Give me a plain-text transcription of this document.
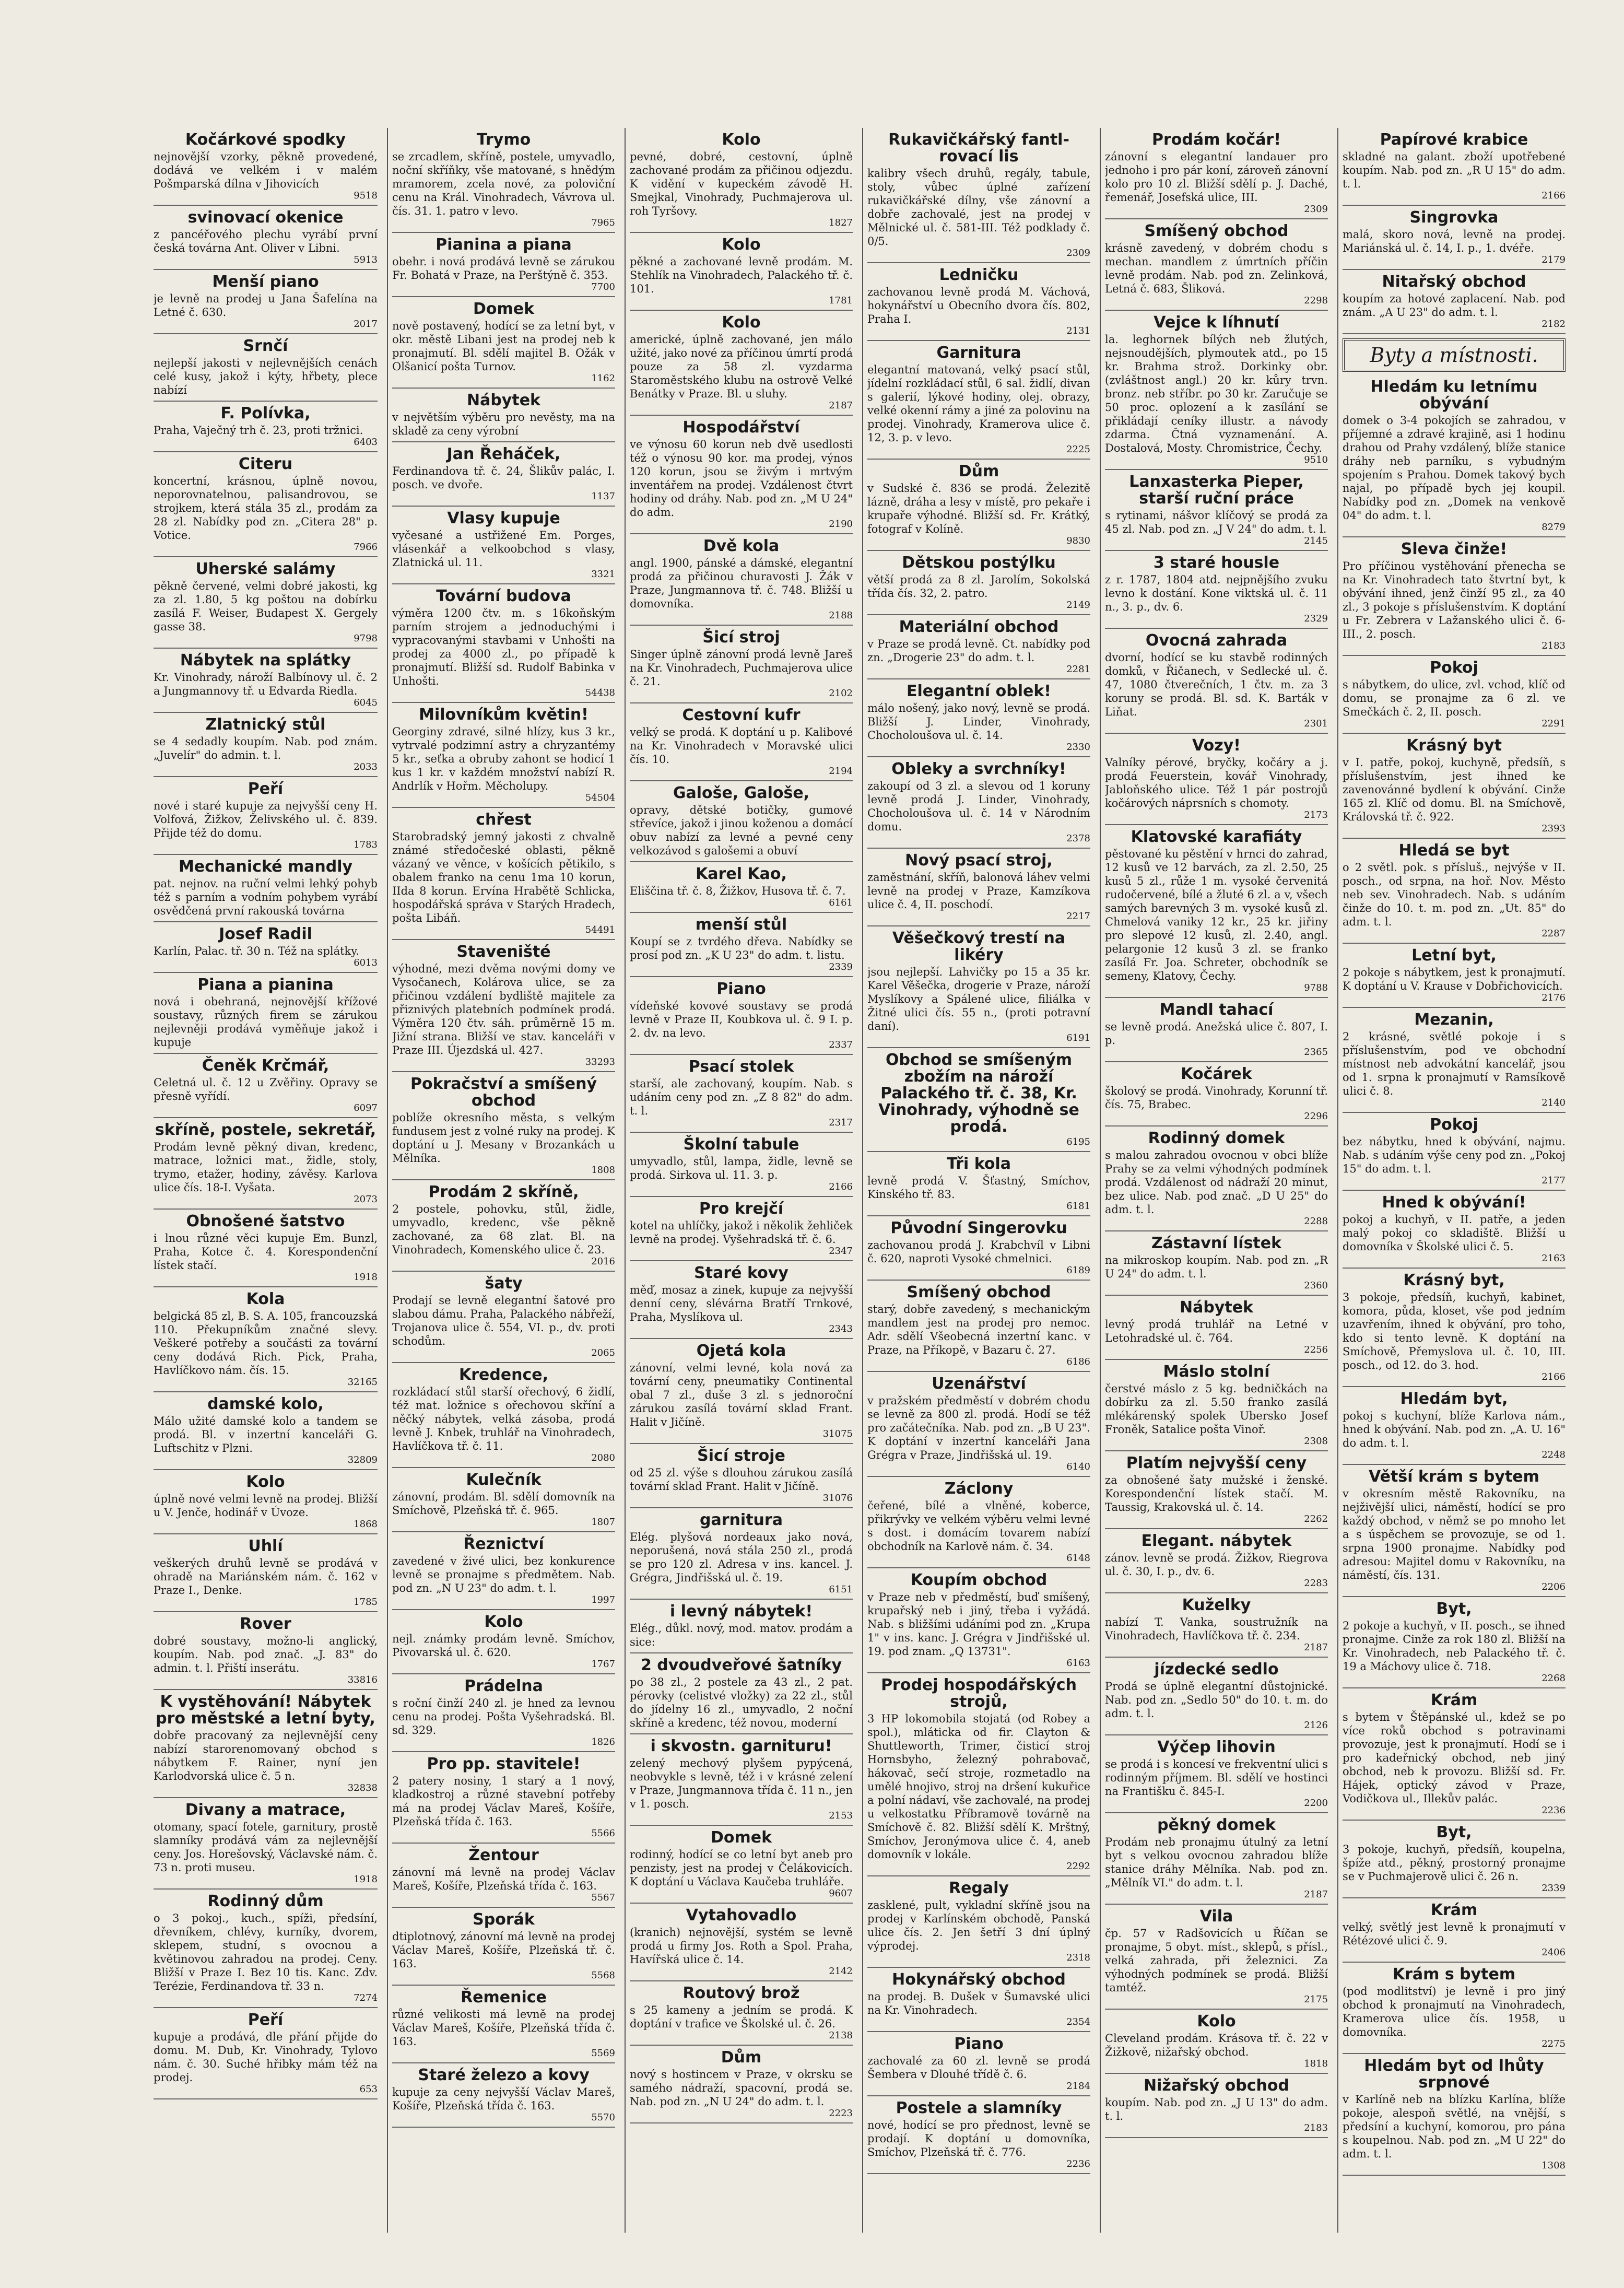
Kočárkové spodky

nejnovější vzorky, pěkně provedené, dodává ve velkém i v malém Pošmparská dílna v Jihovicích

9518

svinovací okenice

z pancéřového plechu vyrábí první česká továrna Ant. Oliver v Libni.

5913

Menší piano

je levně na prodej u Jana Šafelína na Letné č. 630.

2017

Srnčí

nejlepší jakosti v nejlevnějších cenách celé kusy, jakož i kýty, hřbety, plece nabízí

F. Polívka,

Praha, Vaječný trh č. 23, proti tržnici.

6403

Citeru

koncertní, krásnou, úplně novou, neporovnatelnou, palisandrovou, se strojkem, která stála 35 zl., prodám za 28 zl. Nabídky pod zn. „Citera 28" p. Votice.

7966

Uherské salámy

pěkně červené, velmi dobré jakosti, kg za zl. 1.80, 5 kg poštou na dobírku zasílá F. Weiser, Budapest X. Gergely gasse 38.

9798

Nábytek na splátky

Kr. Vinohrady, nároží Balbínovy ul. č. 2 a Jungmannovy tř. u Edvarda Riedla.

6045

Zlatnický stůl

se 4 sedadly koupím. Nab. pod znám. „Juvelír" do admin. t. l.

2033

Peří

nové i staré kupuje za nejvyšší ceny H. Volfová, Žižkov, Želivského ul. č. 839. Přijde též do domu.

1783

Mechanické mandly

pat. nejnov. na ruční velmi lehký pohyb též s parním a vodním pohybem vyrábí osvědčená první rakouská továrna

Josef Radil

Karlín, Palac. tř. 30 n. Též na splátky.

6013

Piana a pianina

nová i obehraná, nejnovější křížové soustavy, různých firem se zárukou nejlevněji prodává vyměňuje jakož i kupuje

Čeněk Krčmář,

Celetná ul. č. 12 u Zvěřiny. Opravy se přesně vyřídí.

6097

skříně, postele, sekretář,

Prodám levně pěkný divan, kredenc, matrace, ložnici mat., židle, stoly, trymo, etažer, hodiny, závěsy. Karlova ulice čís. 18-I. Vyšata.

2073

Obnošené šatstvo

i lnou různé věci kupuje Em. Bunzl, Praha, Kotce č. 4. Korespondenční lístek stačí.

1918

Kola

belgická 85 zl, B. S. A. 105, francouzská 110. Překupníkům značné slevy. Veškeré potřeby a součásti za tovární ceny dodává Rich. Pick, Praha, Havlíčkovo nám. čís. 15.

32165

damské kolo,

Málo užité damské kolo a tandem se prodá. Bl. v inzertní kanceláři G. Luftschitz v Plzni.

32809

Kolo

úplně nové velmi levně na prodej. Bližší u V. Jenče, hodinář v Úvoze.

1868

Uhlí

veškerých druhů levně se prodává v ohradě na Mariánském nám. č. 162 v Praze I., Denke.

1785

Rover

dobré soustavy, možno-li anglický, koupím. Nab. pod znač. „J. 83" do admin. t. l. Přiští inserátu.

33816

K vystěhování! Nábytek pro městské a letní byty,

dobře pracovaný za nejlevnější ceny nabízí starorenomovaný obchod s nábytkem F. Rainer, nyní jen Karlodvorská ulice č. 5 n.

32838

Divany a matrace,

otomany, spací fotele, garnitury, prostě slamníky prodává vám za nejlevnější ceny. Jos. Horešovský, Václavské nám. č. 73 n. proti museu.

1918

Rodinný dům

o 3 pokoj., kuch., spíži, předsíní, dřevníkem, chlévy, kurníky, dvorem, sklepem, studní, s ovocnou a květinovou zahradou na prodej. Ceny. Bližší v Praze I. Bez 10 tis. Kanc. Zdv. Terézie, Ferdinandova tř. 33 n.

7274

Peří

kupuje a prodává, dle přání přijde do domu. M. Dub, Kr. Vinohrady, Tylovo nám. č. 30. Suché hřibky mám též na prodej.

653

Trymo

se zrcadlem, skříně, postele, umyvadlo, noční skříňky, vše matované, s hnědým mramorem, zcela nové, za poloviční cenu na Král. Vinohradech, Vávrova ul. čís. 31. 1. patro v levo.

7965

Pianina a piana

obehr. i nová prodává levně se zárukou Fr. Bohatá v Praze, na Perštýně č. 353.

7700

Domek

nově postavený, hodící se za letní byt, v okr. městě Libani jest na prodej neb k pronajmutí. Bl. sdělí majitel B. Ožák v Olšanicí pošta Turnov.

1162

Nábytek

v největším výběru pro nevěsty, ma na skladě za ceny výrobní

Jan Řeháček,

Ferdinandova tř. č. 24, Šlikův palác, I. posch. ve dvoře.

1137

Vlasy kupuje

vyčesané a ustřižené Em. Porges, vlásenkář a velkoobchod s vlasy, Zlatnická ul. 11.

3321

Tovární budova

výměra 1200 čtv. m. s 16koňským parním strojem a jednoduchými i vypracovanými stavbami v Unhošti na prodej za 4000 zl., po případě k pronajmutí. Bližší sd. Rudolf Babinka v Unhošti.

54438

Milovníkům květin!

Georginy zdravé, silné hlízy, kus 3 kr., vytrvalé podzimní astry a chryzantémy 5 kr., seťka a obruby zahont se hodicí 1 kus 1 kr. v každém množství nabízí R. Andrlík v Hořm. Měcholupy.

54504

chřest

Starobradský jemný jakosti z chvalně známé středočeské oblasti, pěkně vázaný ve věnce, v košících pětikilo, s obalem franko na cenu 1ma 10 korun, IIda 8 korun. Ervína Hrabětě Schlicka, hospodářská správa v Starých Hradech, pošta Libáň.

54491

Staveništé

výhodné, mezi dvěma novými domy ve Vysočanech, Kolárova ulice, se za přičinou vzdálení bydliště majitele za přiznivých platebních podmínek prodá. Výměra 120 čtv. sáh. průměrně 15 m. Jižní strana. Bližší ve stav. kanceláři v Praze III. Újezdská ul. 427.

33293

Pokračství a smíšený obchod

poblíže okresního města, s velkým fundusem jest z volné ruky na prodej. K doptání u J. Mesany v Brozankách u Mělníka.

1808

Prodám 2 skříně,

2 postele, pohovku, stůl, židle, umyvadlo, kredenc, vše pěkně zachované, za 68 zlat. Bl. na Vinohradech, Komenského ulice č. 23.

2016

šaty

Prodají se levně elegantní šatové pro slabou dámu. Praha, Palackého nábřeží, Trojanova ulice č. 554, VI. p., dv. proti schodům.

2065

Kredence,

rozkládací stůl starší ořechový, 6 židlí, též mat. ložnice s ořechovou skříní a něčký nábytek, velká zásoba, prodá levně J. Knbek, truhlář na Vinohradech, Havlíčkova tř. č. 11.

2080

Kulečník

zánovní, prodám. Bl. sdělí domovník na Smíchově, Plzeňská tř. č. 965.

1807

Řeznictví

zavedené v živé ulici, bez konkurence levně se pronajme s předmětem. Nab. pod zn. „N U 23" do adm. t. l.

1997

Kolo

nejl. známky prodám levně. Smíchov, Pivovarská ul. č. 620.

1767

Prádelna

s roční činží 240 zl. je hned za levnou cenu na prodej. Pošta Vyšehradská. Bl. sd. 329.

1826

Pro pp. stavitele!

2 patery nosiny, 1 starý a 1 nový, kladkostroj a různé stavební potřeby má na prodej Václav Mareš, Košíře, Plzeňská třída č. 163.

5566

Žentour

zánovní má levně na prodej Václav Mareš, Košíře, Plzeňská třída č. 163.

5567

Sporák

dtiplotnový, zánovní má levně na prodej Václav Mareš, Košíře, Plzeňská tř. č. 163.

5568

Řemenice

různé velikosti má levně na prodej Václav Mareš, Košíře, Plzeňská třída č. 163.

5569

Staré železo a kovy

kupuje za ceny nejvyšší Václav Mareš, Košíře, Plzeňská třída č. 163.

5570

Kolo

pevné, dobré, cestovní, úplně zachované prodám za přičinou odjezdu. K vidění v kupeckém závodě H. Smejkal, Vinohrady, Puchmajerova ul. roh Tyršovy.

1827

Kolo

pěkné a zachované levně prodám. M. Stehlík na Vinohradech, Palackého tř. č. 101.

1781

Kolo

americké, úplně zachované, jen málo užité, jako nové za příčinou úmrtí prodá pouze za 58 zl. vyzdarma Staroměstského klubu na ostrově Velké Benátky v Praze. Bl. u sluhy.

2187

Hospodářství

ve výnosu 60 korun neb dvě usedlosti též o výnosu 90 kor. ma prodej, výnos 120 korun, jsou se živým i mrtvým inventářem na prodej. Vzdálenost čtvrt hodiny od dráhy. Nab. pod zn. „M U 24" do adm.

2190

Dvě kola

angl. 1900, pánské a dámské, elegantní prodá za přičinou churavosti J. Žák v Praze, Jungmannova tř. č. 748. Bližší u domovníka.

2188

Šicí stroj

Singer úplně zánovní prodá levně Jareš na Kr. Vinohradech, Puchmajerova ulice č. 21.

2102

Cestovní kufr

velký se prodá. K doptání u p. Kalibové na Kr. Vinohradech v Moravské ulici čís. 10.

2194

Galoše, Galoše,

opravy, dětské botičky, gumové střevíce, jakož i jinou koženou a domácí obuv nabízí za levné a pevné ceny velkozávod s galošemi a obuví

Karel Kao,

Eliščina tř. č. 8, Žižkov, Husova tř. č. 7.

6161

menší stůl

Koupí se z tvrdého dřeva. Nabídky se prosí pod zn. „K U 23" do adm. t. listu.

2339

Piano

vídeňské kovové soustavy se prodá levně v Praze II, Koubkova ul. č. 9 I. p. 2. dv. na levo.

2337

Psací stolek

starší, ale zachovaný, koupím. Nab. s udáním ceny pod zn. „Z 8 82" do adm. t. l.

2317

Školní tabule

umyvadlo, stůl, lampa, židle, levně se prodá. Sirkova ul. 11. 3. p.

2166

Pro krejčí

kotel na uhlíčky, jakož i několik žehliček levně na prodej. Vyšehradská tř. č. 6.

2347

Staré kovy

měď, mosaz a zinek, kupuje za nejvyšší denní ceny, slévárna Bratří Trnkové, Praha, Myslíkova ul.

2343

Ojetá kola

zánovní, velmi levné, kola nová za tovární ceny, pneumatiky Continental obal 7 zl., duše 3 zl. s jednoroční zárukou zasílá tovární sklad Frant. Halit v Jičíně.

31075

Šicí stroje

od 25 zl. výše s dlouhou zárukou zasílá tovární sklad Frant. Halit v Jičíně.

31076

garnitura

Elég. plyšová nordeaux jako nová, neporušená, nová stála 250 zl., prodá se pro 120 zl. Adresa v ins. kancel. J. Grégra, Jindřišská ul. č. 19.

6151

i levný nábytek!

Elég., důkl. nový, mod. matov. prodám a sice:

2 dvoudveřové šatníky

po 38 zl., 2 postele za 43 zl., 2 pat. pérovky (celistvé vložky) za 22 zl., stůl do jídelny 16 zl., umyvadlo, 2 noční skříně a kredenc, též novou, moderní

i skvostn. garnituru!

zelený mechový plyšem pypýcená, neobvykle s levně, též i v krásné zelení v Praze, Jungmannova třída č. 11 n., jen v 1. posch.

2153

Domek

rodinný, hodící se co letní byt aneb pro penzisty, jest na prodej v Čelákovicích. K doptání u Václava Kaučeba truhláře.

9607

Vytahovadlo

(kranich) nejnovější, systém se levně prodá u firmy Jos. Roth a Spol. Praha, Havířská ulice č. 14.

2142

Routový brož

s 25 kameny a jedním se prodá. K doptání v trafice ve Školské ul. č. 26.

2138

Dům

nový s hostincem v Praze, v okrsku se samého nádraží, spacovní, prodá se. Nab. pod zn. „N U 24" do adm. t. l.

2223

Rukavičkářský fantl-rovací lis

kalibry všech druhů, regály, tabule, stoly, vůbec úplné zařízení rukavičkářské dílny, vše zánovní a dobře zachovalé, jest na prodej v Mělnické ul. č. 581-III. Též podklady č. 0/5.

2309

Ledničku

zachovanou levně prodá M. Váchová, hokynářství u Obecního dvora čís. 802, Praha I.

2131

Garnitura

elegantní matovaná, velký psací stůl, jídelní rozkládací stůl, 6 sal. židlí, divan s galerií, lýkové hodiny, olej. obrazy, velké okenní rámy a jiné za polovinu na prodej. Vinohrady, Kramerova ulice č. 12, 3. p. v levo.

2225

Dům

v Sudské č. 836 se prodá. Železitě lázně, dráha a lesy v místě, pro pekaře i krupaře výhodné. Bližší sd. Fr. Krátký, fotograf v Kolíně.

9830

Dětskou postýlku

větší prodá za 8 zl. Jarolím, Sokolská třída čís. 32, 2. patro.

2149

Materiální obchod

v Praze se prodá levně. Ct. nabídky pod zn. „Drogerie 23" do adm. t. l.

2281

Elegantní oblek!

málo nošený, jako nový, levně se prodá. Bližší J. Linder, Vinohrady, Chocholoušova ul. č. 14.

2330

Obleky a svrchníky!

zakoupí od 3 zl. a slevou od 1 koruny levně prodá J. Linder, Vinohrady, Chocholoušova ul. č. 14 v Národním domu.

2378

Nový psací stroj,

zaměstnání, skříň, balonová láhev velmi levně na prodej v Praze, Kamzíkova ulice č. 4, II. poschodí.

2217

Věšečkový trestí na likéry

jsou nejlepší. Lahvičky po 15 a 35 kr. Karel Věšečka, drogerie v Praze, nároží Myslíkovy a Spálené ulice, filiálka v Žitné ulici čís. 55 n., (proti potravní daní).

6191

Obchod se smíšeným zbožím na nároží Palackého tř. č. 38, Kr. Vinohrady, výhodně se prodá.

6195

Tři kola

levně prodá V. Šťastný, Smíchov, Kinského tř. 83.

6181

Původní Singerovku

zachovanou prodá J. Krabchvíl v Libni č. 620, naproti Vysoké chmelnici.

6189

Smíšený obchod

starý, dobře zavedený, s mechanickým mandlem jest na prodej pro nemoc. Adr. sdělí Všeobecná inzertní kanc. v Praze, na Příkopě, v Bazaru č. 27.

6186

Uzenářství

v pražském předměstí v dobrém chodu se levně za 800 zl. prodá. Hodí se též pro začátečníka. Nab. pod zn. „B U 23". K doptání v inzertní kanceláři Jana Grégra v Praze, Jindřišská ul. 19.

6140

Záclony

čeřené, bílé a vlněné, koberce, přikrývky ve velkém výběru velmi levné s dost. i domácím tovarem nabízí obchodník na Karlově nám. č. 34.

6148

Koupím obchod

v Praze neb v předměstí, buď smíšený, krupařský neb i jiný, třeba i vyžádá. Nab. s bližšími udáními pod zn. „Krupa 1" v ins. kanc. J. Grégra v Jindřišské ul. 19. pod znam. „Q 13731".

6163

Prodej hospodářských strojů,

3 HP lokomobila stojatá (od Robey a spol.), mláticka od fir. Clayton & Shuttleworth, Trimer, čisticí stroj Hornsbyho, železný pohrabovač, hákovač, sečí stroje, rozmetadlo na umělé hnojivo, stroj na dršení kukuřice a polní nádaví, vše zachovalé, na prodej u velkostatku Příbramově továrně na Smíchově č. 82. Bližší sdělí K. Mrštný, Smíchov, Jeronýmova ulice č. 4, aneb domovník v lokále.

2292

Regaly

zasklené, pult, vykladní skříně jsou na prodej v Karlínském obchodě, Panská ulice čís. 2. Jen šetří 3 dní úplný výprodej.

2318

Hokynářský obchod

na prodej. B. Dušek v Šumavské ulici na Kr. Vinohradech.

2354

Piano

zachovalé za 60 zl. levně se prodá Šembera v Dlouhé třídě č. 6.

2184

Postele a slamníky

nové, hodící se pro přednost, levně se prodají. K doptání u domovníka, Smíchov, Plzeňská tř. č. 776.

2236

Prodám kočár!

zánovní s elegantní landauer pro jednoho i pro pár koní, zároveň zánovní kolo pro 10 zl. Bližší sdělí p. J. Daché, řemenář, Josefská ulice, III.

2309

Smíšený obchod

krásně zavedený, v dobrém chodu s mechan. mandlem z úmrtních příčin levně prodám. Nab. pod zn. Zelinková, Letná č. 683, Šliková.

2298

Vejce k líhnutí

la. leghornek bílých neb žlutých, nejsnoudějších, plymoutek atd., po 15 kr. Brahma strož. Dorkinky obr. (zvláštnost angl.) 20 kr. kůry trvn. bronz. neb stříbr. po 30 kr. Zaručuje se 50 proc. oplození a k zasílání se přikládají ceníky illustr. a návody zdarma. Čtná vyznamenání. A. Dostalová, Mosty. Chromistrice, Čechy.

9510

Lanxasterka Pieper, starší ruční práce

s rytinami, nášvor klíčový se prodá za 45 zl. Nab. pod zn. „J V 24" do adm. t. l.

2145

3 staré housle

z r. 1787, 1804 atd. nejpnějšího zvuku levno k dostání. Kone viktská ul. č. 11 n., 3. p., dv. 6.

2329

Ovocná zahrada

dvorní, hodící se ku stavbě rodinných domků, v Řičanech, v Sedlecké ul. č. 47, 1080 čtverečních, 1 čtv. m. za 3 koruny se prodá. Bl. sd. K. Barták v Liňat.

2301

Vozy!

Valníky pérové, bryčky, kočáry a j. prodá Feuerstein, kovář Vinohrady, Jabloňského ulice. Též 1 pár postrojů kočárových náprsních s chomoty.

2173

Klatovské karafiáty

pěstované ku pěstění v hrnci do zahrad, 12 kusů ve 12 barvách, za zl. 2.50, 25 kusů 5 zl., růže 1 m. vysoké červenitá rudočervené, bílé a žluté 6 zl. a v, všech samých barevných 3 m. vysoké kusů zl. Chmelová vaniky 12 kr., 25 kr. jiřiny pro slepové 12 kusů, zl. 2.40, angl. pelargonie 12 kusů 3 zl. se franko zasílá Fr. Joa. Schreter, obchodník se semeny, Klatovy, Čechy.

9788

Mandl tahací

se levně prodá. Anežská ulice č. 807, I. p.

2365

Kočárek

školový se prodá. Vinohrady, Korunní tř. čís. 75, Brabec.

2296

Rodinný domek

s malou zahradou ovocnou v obci blíže Prahy se za velmi výhodných podmínek prodá. Vzdálenost od nádraží 20 minut, bez ulice. Nab. pod znač. „D U 25" do adm. t. l.

2288

Zástavní lístek

na mikroskop koupím. Nab. pod zn. „R U 24" do adm. t. l.

2360

Nábytek

levný prodá truhlář na Letné v Letohradské ul. č. 764.

2256

Máslo stolní

čerstvé máslo z 5 kg. bedničkách na dobírku za zl. 5.50 franko zasílá mlékárenský spolek Ubersko Josef Froněk, Satalice pošta Vinoř.

2308

Platím nejvyšší ceny

za obnošené šaty mužské i ženské. Korespondenční lístek stačí. M. Taussig, Krakovská ul. č. 14.

2262

Elegant. nábytek

zánov. levně se prodá. Žižkov, Riegrova ul. č. 30, I. p., dv. 6.

2283

Kuželky

nabízí T. Vanka, soustružník na Vinohradech, Havlíčkova tř. č. 234.

2187

jízdecké sedlo

Prodá se úplně elegantní důstojnické. Nab. pod zn. „Sedlo 50" do 10. t. m. do adm. t. l.

2126

Výčep lihovin

se prodá i s koncesí ve frekventní ulici s rodinným příjmem. Bl. sdělí ve hostinci na Františku č. 845-I.

2200

pěkný domek

Prodám neb pronajmu útulný za letní byt s velkou ovocnou zahradou blíže stanice dráhy Mělníka. Nab. pod zn. „Mělník VI." do adm. t. l.

2187

Vila

čp. 57 v Radšovicích u Říčan se pronajme, 5 obyt. míst., sklepů, s přísl., velká zahrada, při železnici. Za výhodných podmínek se prodá. Bližší tamtéž.

2175

Kolo

Cleveland prodám. Krásova tř. č. 22 v Žižkově, nižařský obchod.

1818

Nižařský obchod

koupím. Nab. pod zn. „J U 13" do adm. t. l.

2183

Papírové krabice

skladné na galant. zboží upotřebené koupím. Nab. pod zn. „R U 15" do adm. t. l.

2166

Singrovka

malá, skoro nová, levně na prodej. Mariánská ul. č. 14, I. p., 1. dvéře.

2179

Nitařský obchod

koupím za hotové zaplacení. Nab. pod znám. „A U 23" do adm. t. l.

2182

Byty a místnosti.
Hledám ku letnímu obývání

domek o 3-4 pokojích se zahradou, v příjemné a zdravé krajině, asi 1 hodinu drahou od Prahy vzdálený, blíže stanice dráhy neb parníku, s vybudným spojením s Prahou. Domek takový bych najal, po případě bych jej koupil. Nabídky pod zn. „Domek na venkově 04" do adm. t. l.

8279

Sleva činže!

Pro příčinou vystěhování přenecha se na Kr. Vinohradech tato štvrtní byt, k obývání ihned, jenž činží 95 zl., za 40 zl., 3 pokoje s příslušenstvím. K doptání u Fr. Zebrera v Lažanského ulici č. 6-III., 2. posch.

2183

Pokoj

s nábytkem, do ulice, zvl. vchod, klíč od domu, se pronajme za 6 zl. ve Smečkách č. 2, II. posch.

2291

Krásný byt

v I. patře, pokoj, kuchyně, předsíň, s příslušenstvím, jest ihned ke zavenovánné bydlení k obývání. Cinže 165 zl. Klíč od domu. Bl. na Smíchově, Královská tř. č. 922.

2393

Hledá se byt

o 2 světl. pok. s přísluš., nejvýše v II. posch., od srpna, na hoř. Nov. Město neb sev. Vinohradech. Nab. s udáním činže do 10. t. m. pod zn. „Ut. 85" do adm. t. l.

2287

Letní byt,

2 pokoje s nábytkem, jest k pronajmutí. K doptání u V. Krause v Dobřichovicích.

2176

Mezanin,

2 krásné, světlé pokoje i s příslušenstvím, pod ve obchodní místnost neb advokátní kancelář, jsou od 1. srpna k pronajmutí v Ramsíkově ulici č. 8.

2140

Pokoj

bez nábytku, hned k obývání, najmu. Nab. s udáním výše ceny pod zn. „Pokoj 15" do adm. t. l.

2177

Hned k obývání!

pokoj a kuchyň, v II. patře, a jeden malý pokoj co skladiště. Bližší u domovníka v Školské ulici č. 5.

2163

Krásný byt,

3 pokoje, předsíň, kuchyň, kabinet, komora, půda, kloset, vše pod jedním uzavřením, ihned k obývání, pro toho, kdo si tento levně. K doptání na Smíchově, Přemyslova ul. č. 10, III. posch., od 12. do 3. hod.

2166

Hledám byt,

pokoj s kuchyní, blíže Karlova nám., hned k obývání. Nab. pod zn. „A. U. 16" do adm. t. l.

2248

Větší krám s bytem

v okresním městě Rakovníku, na nejživější ulici, náměstí, hodící se pro každý obchod, v němž se po mnoho let a s úspěchem se provozuje, se od 1. srpna 1900 pronajme. Nabídky pod adresou: Majitel domu v Rakovníku, na náměstí, čís. 131.

2206

Byt,

2 pokoje a kuchyň, v II. posch., se ihned pronajme. Cinže za rok 180 zl. Bližší na Kr. Vinohradech, neb Palackého tř. č. 19 a Máchovy ulice č. 718.

2268

Krám

s bytem v Štěpánské ul., kdež se po více roků obchod s potravinami provozuje, jest k pronajmutí. Hodí se i pro kadeřnický obchod, neb jiný obchod, neb k provozu. Bližší sd. Fr. Hájek, optický závod v Praze, Vodičkova ul., Illekův palác.

2236

Byt,

3 pokoje, kuchyň, předsíň, koupelna, špíže atd., pěkný, prostorný pronajme se v Puchmajerově ulici č. 26 n.

2339

Krám

velký, světlý jest levně k pronajmutí v Rétézové ulici č. 9.

2406

Krám s bytem

(pod modlitství) je levně i pro jiný obchod k pronajmutí na Vinohradech, Kramerova ulice čís. 1958, u domovníka.

2275

Hledám byt od lhůty srpnové

v Karlíně neb na blízku Karlína, blíže pokoje, alespoň světlé, na vnější, s předsíní a kuchyní, komorou, pro pána s koupelnou. Nab. pod zn. „M U 22" do adm. t. l.

1308
